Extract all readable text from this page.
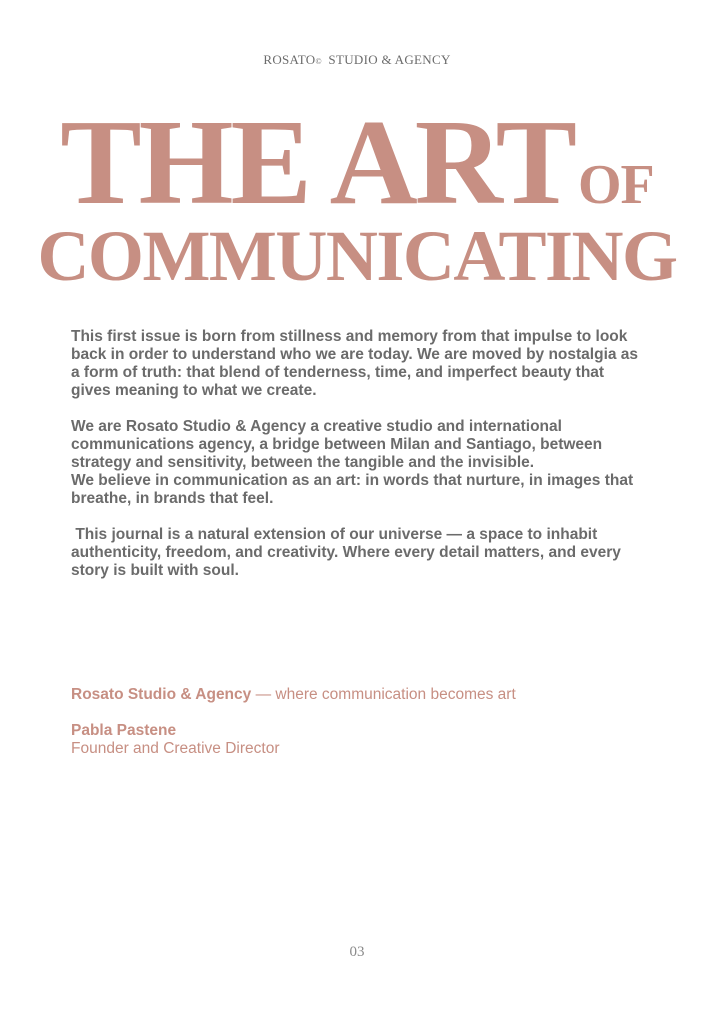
ROSATO© STUDIO & AGENCY
THE ARTOF
COMMUNICATING

This first issue is born from stillness and memory from that impulse to look back in order to understand who we are today. We are moved by nostalgia as a form of truth: that blend of tenderness, time, and imperfect beauty that gives meaning to what we create.

We are Rosato Studio & Agency a creative studio and international communications agency, a bridge between Milan and Santiago, between strategy and sensitivity, between the tangible and the invisible.

We believe in communication as an art: in words that nurture, in images that breathe, in brands that feel.

This journal is a natural extension of our universe — a space to inhabit authenticity, freedom, and creativity. Where every detail matters, and every story is built with soul.

Rosato Studio & Agency — where communication becomes art
Pabla Pastene
Founder and Creative Director
03
